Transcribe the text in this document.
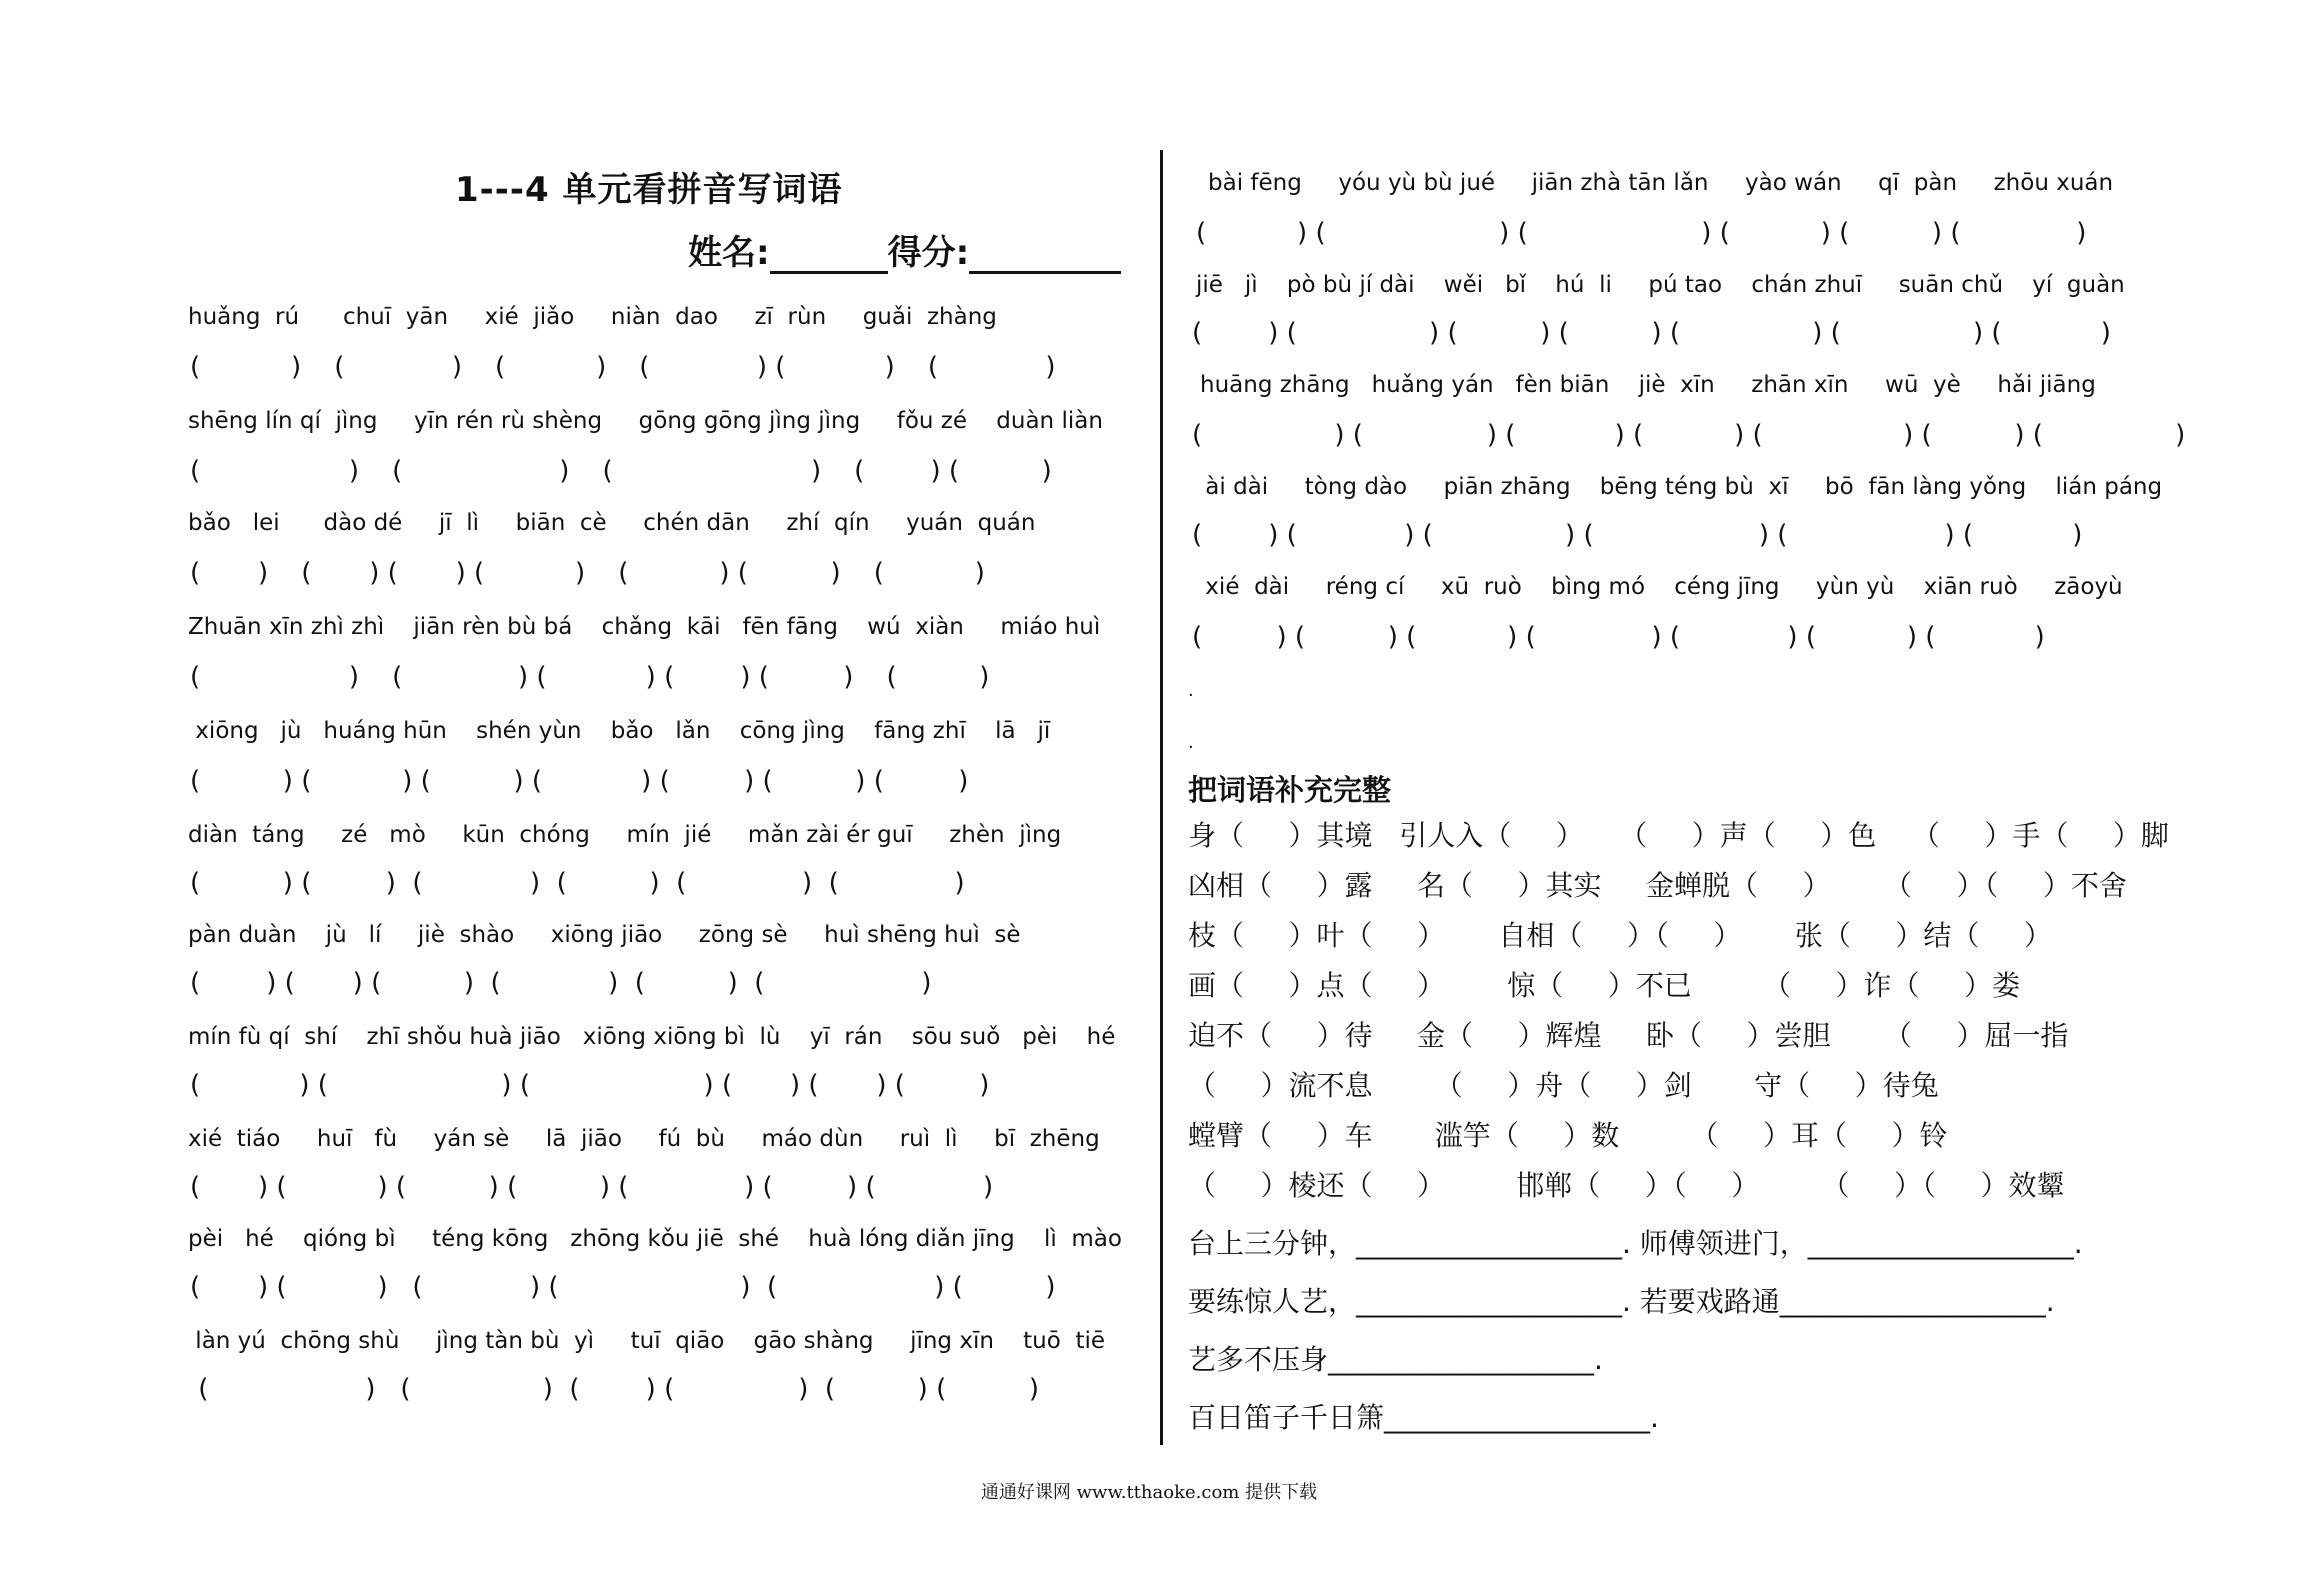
1---4 单元看拼音写词语
姓名:	得分:
huǎng  rú      chuī  yān     xié  jiǎo     niàn  dao     zī  rùn     guǎi  zhàng
(           )    (             )    (           )    (             ) (            )    (             )
shēng lín qí  jìng     yīn rén rù shèng     gōng gōng jìng jìng     fǒu zé    duàn liàn
(                  )    (                   )    (                        )    (        ) (          )
bǎo   lei      dào dé     jī  lì     biān  cè     chén dān     zhí  qín     yuán  quán
(       )    (       ) (       ) (           )    (           ) (          )    (           )
Zhuān xīn zhì zhì    jiān rèn bù bá    chǎng  kāi   fēn fāng    wú  xiàn     miáo huì
(                  )    (              ) (            ) (        ) (         )    (          )
xiōng   jù   huáng hūn    shén yùn    bǎo   lǎn    cōng jìng    fāng zhī    lā   jī
(          ) (           ) (          ) (            ) (         ) (          ) (         )
diàn  táng     zé   mò     kūn  chóng     mín  jié     mǎn zài ér guī     zhèn  jìng
(          ) (         )  (             )  (          )  (              )  (              )
pàn duàn    jù   lí     jiè  shào     xiōng jiāo     zōng sè     huì shēng huì  sè
(        ) (       ) (          )  (             )  (          )  (                   )
mín fù qí  shí    zhī shǒu huà jiāo   xiōng xiōng bì  lù    yī  rán    sōu suǒ   pèi    hé
(            ) (                     ) (                     ) (       ) (       ) (         )
xié  tiáo     huī   fù     yán sè     lā  jiāo     fú  bù     máo dùn     ruì  lì     bī  zhēng
(       ) (           ) (          ) (          ) (              ) (         ) (             )
pèi   hé    qióng bì     téng kōng   zhōng kǒu jiē  shé    huà lóng diǎn jīng    lì  mào
(       ) (           )   (             ) (                      )  (                   ) (          )
làn yú  chōng shù     jìng tàn bù  yì     tuī  qiāo    gāo shàng     jīng xīn    tuō  tiē
(                   )   (                )  (        ) (               )  (          ) (          )
bài fēng     yóu yù bù jué     jiān zhà tān lǎn     yào wán     qī  pàn     zhōu xuán
(           ) (                     ) (                     ) (           ) (          ) (              )
jiē   jì    pò bù jí dài    wěi   bǐ    hú  li     pú tao    chán zhuī     suān chǔ    yí  guàn
(        ) (                ) (          ) (          ) (                ) (                ) (            )
huāng zhāng   huǎng yán   fèn biān    jiè  xīn     zhān xīn     wū  yè     hǎi jiāng
(                ) (               ) (            ) (           ) (                 ) (          ) (                )
ài dài     tòng dào     piān zhāng    bēng téng bù  xī     bō  fān làng yǒng    lián páng
(        ) (             ) (                ) (                    ) (                   ) (            )
xié  dài     réng cí     xū  ruò    bìng mó    céng jīng     yùn yù    xiān ruò     zāoyù
(         ) (          ) (           ) (              ) (             ) (           ) (            )
.
.
把词语补充完整
身（     ）其境   引人入（     ）    （     ）声（     ）色    （     ）手（     ）脚
凶相（     ）露     名（     ）其实     金蝉脱（     ）      （     ）（     ）不舍
枝（     ）叶（     ）      自相（     ）（     ）      张（     ）结（     ）
画（     ）点（     ）       惊（     ）不已        （     ）诈（     ）娄
迫不（     ）待     金（     ）辉煌     卧（     ）尝胆      （     ）屈一指
（     ）流不息       （     ）舟（     ）剑       守（     ）待兔
螳臂（     ）车       滥竽（     ）数        （     ）耳（     ）铃
（     ）棱还（     ）        邯郸（     ）（     ）       （     ）（     ）效颦
台上三分钟，___________________. 师傅领进门，___________________.
要练惊人艺，___________________. 若要戏路通___________________.
艺多不压身___________________.
百日笛子千日箫___________________.
通通好课网 www.tthaoke.com 提供下载
